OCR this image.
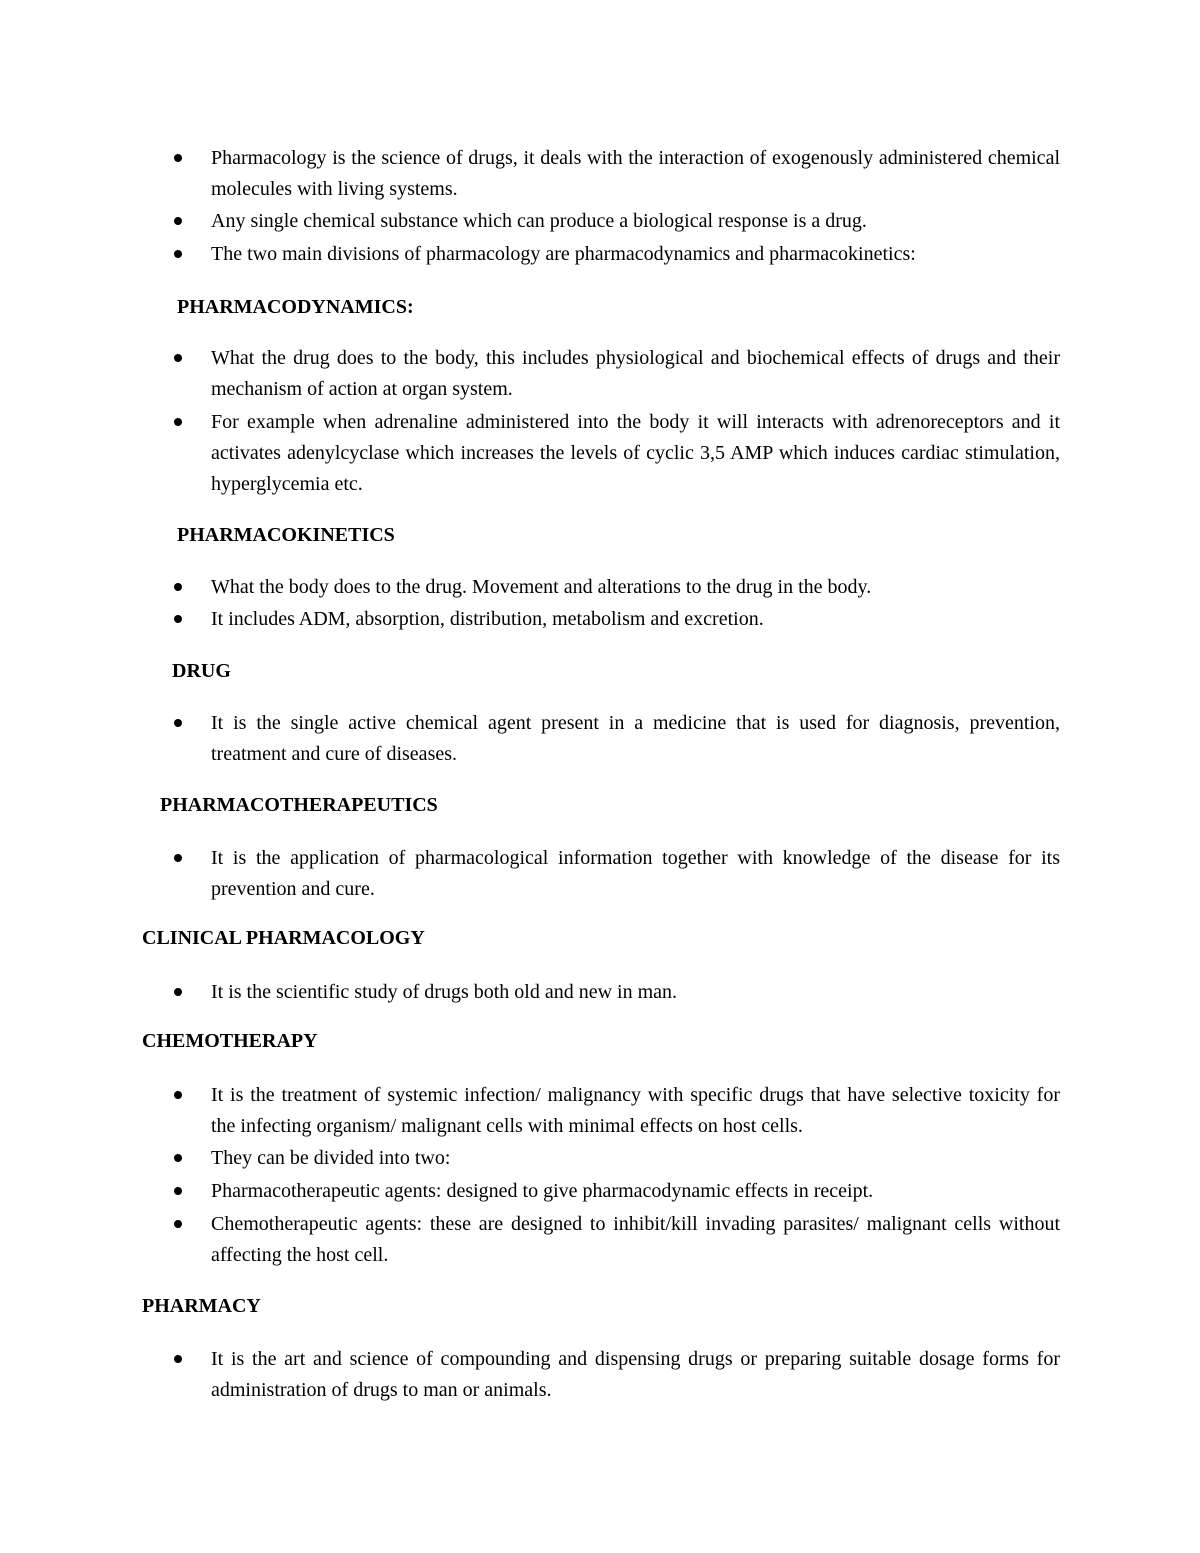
Pharmacology is the science of drugs, it deals with the interaction of exogenously administered chemical molecules with living systems.
Any single chemical substance which can produce a biological response is a drug.
The two main divisions of pharmacology are pharmacodynamics and pharmacokinetics:
PHARMACODYNAMICS:
What the drug does to the body, this includes physiological and biochemical effects of drugs and their mechanism of action at organ system.
For example when adrenaline administered into the body it will interacts with adrenoreceptors and it activates adenylcyclase which increases the levels of cyclic 3,5 AMP which induces cardiac stimulation, hyperglycemia etc.
PHARMACOKINETICS
What the body does to the drug. Movement and alterations to the drug in the body.
It includes ADM, absorption, distribution, metabolism and excretion.
DRUG
It is the single active chemical agent present in a medicine that is used for diagnosis, prevention, treatment and cure of diseases.
PHARMACOTHERAPEUTICS
It is the application of pharmacological information together with knowledge of the disease for its prevention and cure.
CLINICAL PHARMACOLOGY
It is the scientific study of drugs both old and new in man.
CHEMOTHERAPY
It is the treatment of systemic infection/ malignancy with specific drugs that have selective toxicity for the infecting organism/ malignant cells with minimal effects on host cells.
They can be divided into two:
Pharmacotherapeutic agents: designed to give pharmacodynamic effects in receipt.
Chemotherapeutic agents: these are designed to inhibit/kill invading parasites/ malignant cells without affecting the host cell.
PHARMACY
It is the art and science of compounding and dispensing drugs or preparing suitable dosage forms for administration of drugs to man or animals.
